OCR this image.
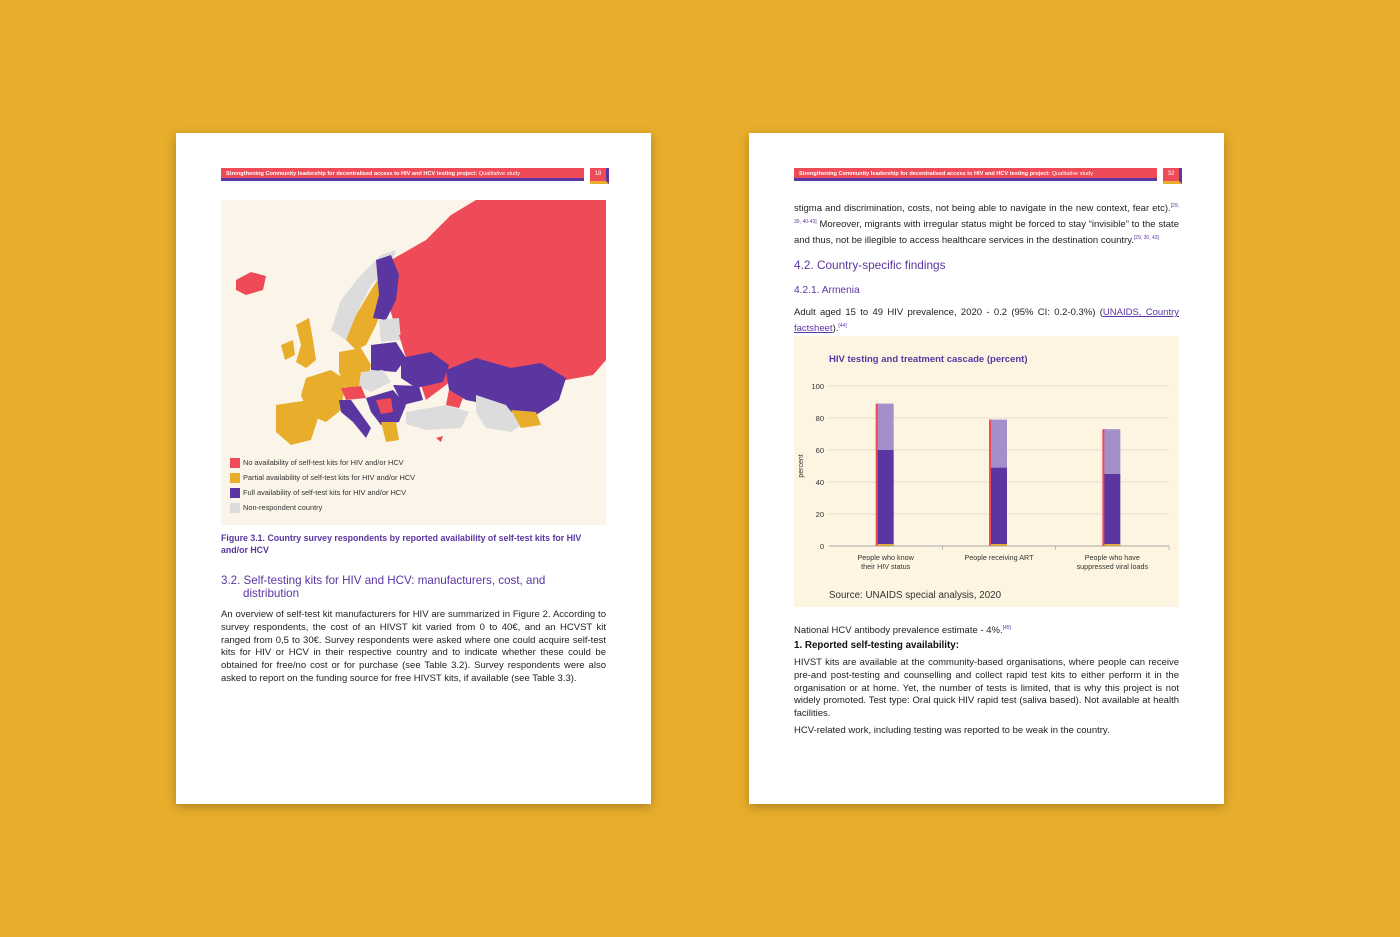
Strengthening Community leadership for decentralised access to HIV and HCV testing project: Qualitative study	18
No availability of self-test kits for HIV and/or HCV
Partial availability of self-test kits for HIV and/or HCV
Full availability of self-test kits for HIV and/or HCV
Non-respondent country
Figure 3.1. Country survey respondents by reported availability of self-test kits for HIV and/or HCV
3.2. Self-testing kits for HIV and HCV: manufacturers, cost, and
distribution
An overview of self-test kit manufacturers for HIV are summarized in Figure 2. According to survey respondents, the cost of an HIVST kit varied from 0 to 40€, and an HCVST kit ranged from 0,5 to 30€. Survey respondents were asked where one could acquire self-test kits for HIV or HCV in their respective country and to indicate whether these could be obtained for free/no cost or for purchase (see Table 3.2). Survey respondents were also asked to report on the funding source for free HIVST kits, if available (see Table 3.3).
Strengthening Community leadership for decentralised access to HIV and HCV testing project: Qualitative study	32
stigma and discrimination, costs, not being able to navigate in the new context, fear etc).[29, 30, 40-43] Moreover, migrants with irregular status might be forced to stay “invisible” to the state and thus, not be illegible to access healthcare services in the destination country.[29, 30, 43]
4.2. Country-specific findings
4.2.1. Armenia
Adult aged 15 to 49 HIV prevalence, 2020 - 0.2 (95% CI: 0.2-0.3%) (UNAIDS, Country factsheet).[44]
HIV testing and treatment cascade (percent)
0
20
40
60
80
100
percent
People who know
their HIV status
People receiving ART	People who have
suppressed viral loads
Source: UNAIDS special analysis, 2020
National HCV antibody prevalence estimate - 4%.[45]
1. Reported self-testing availability:
HIVST kits are available at the community-based organisations, where people can receive pre-and post-testing and counselling and collect rapid test kits to either perform it in the organisation or at home. Yet, the number of tests is limited, that is why this project is not widely promoted. Test type: Oral quick HIV rapid test (saliva based). Not available at health facilities.
HCV-related work, including testing was reported to be weak in the country.
